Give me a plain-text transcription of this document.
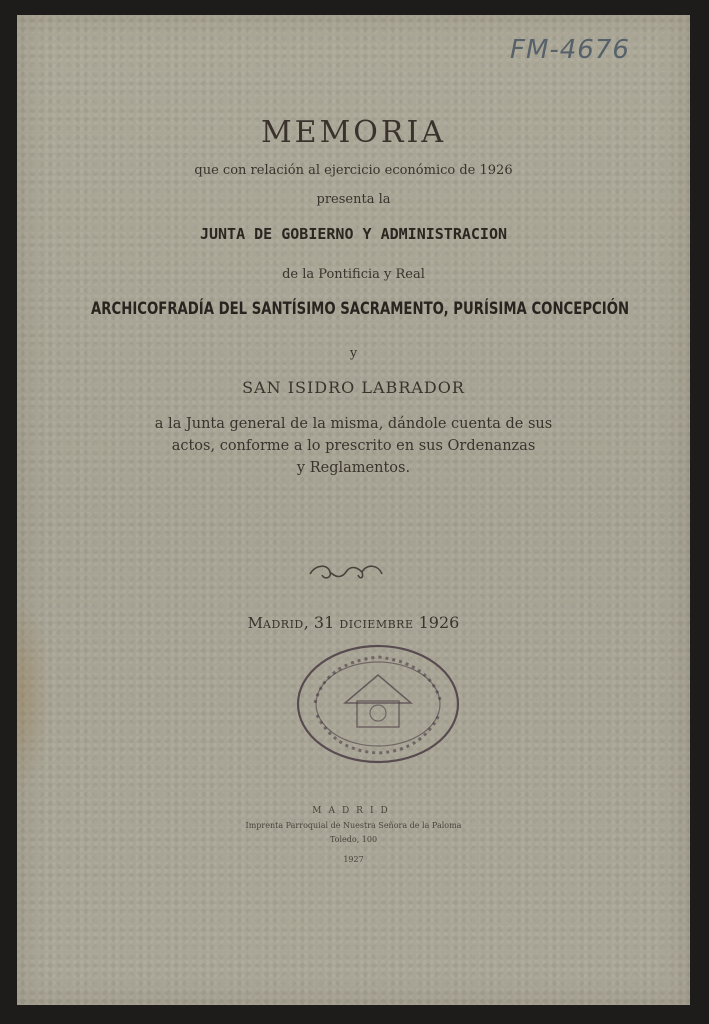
FM-4676
MEMORIA
que con relación al ejercicio económico de 1926
presenta la
JUNTA DE GOBIERNO Y ADMINISTRACION
de la Pontificia y Real
ARCHICOFRADÍA DEL SANTÍSIMO SACRAMENTO, PURÍSIMA CONCEPCIÓN
y
SAN ISIDRO LABRADOR
a la Junta general de la misma, dándole cuenta de sus
actos, conforme a lo prescrito en sus Ordenanzas
y Reglamentos.
MADRID, 31 DICIEMBRE 1926
MADRID
Imprenta Parroquial de Nuestra Señora de la Paloma
Toledo, 100
1927
